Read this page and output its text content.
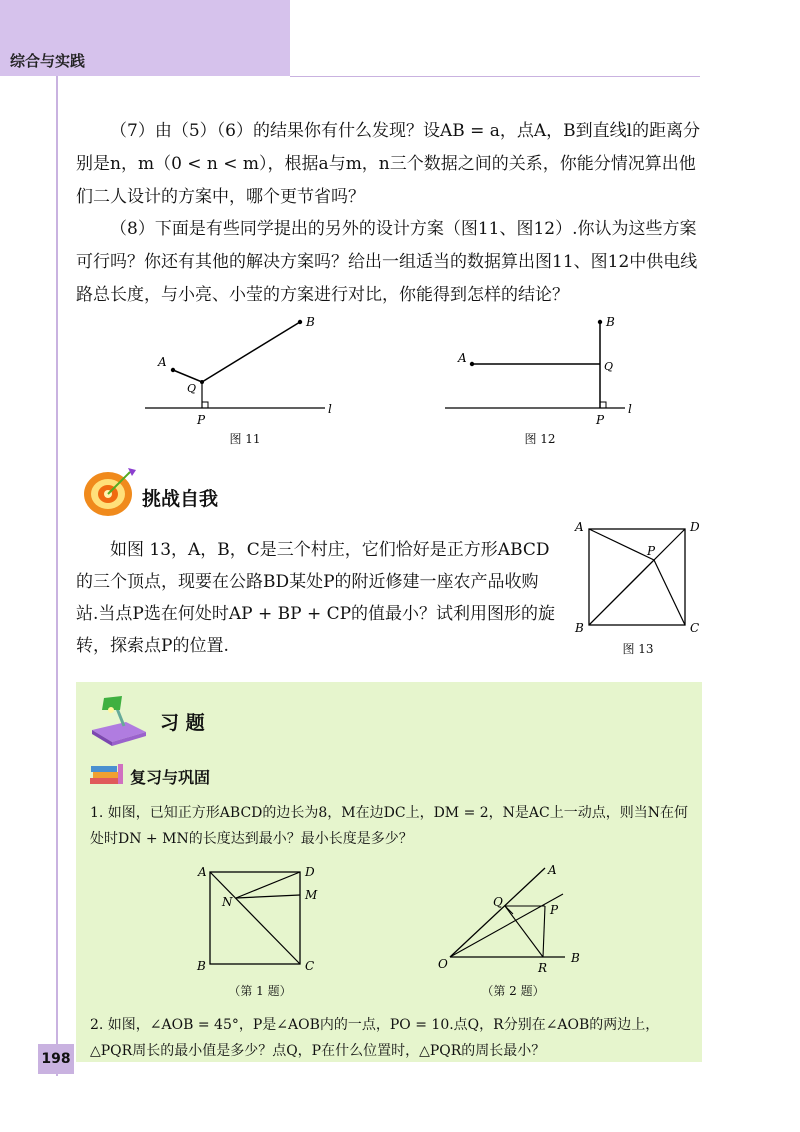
综合与实践

（7）由（5）（6）的结果你有什么发现？设AB = a，点A，B到直线l的距离分别是n，m（0 < n < m），根据a与m，n三个数据之间的关系，你能分情况算出他们二人设计的方案中，哪个更节省吗？

（8）下面是有些同学提出的另外的设计方案（图11、图12）.你认为这些方案可行吗？你还有其他的解决方案吗？给出一组适当的数据算出图11、图12中供电线路总长度，与小亮、小莹的方案进行对比，你能得到怎样的结论？

A
B
Q
P
l
图 11
A
B
Q
P
l
图 12
挑战自我

如图 13，A，B，C是三个村庄，它们恰好是正方形ABCD的三个顶点，现要在公路BD某处P的附近修建一座农产品收购站.当点P选在何处时AP + BP + CP的值最小？试利用图形的旋转，探索点P的位置.

A	D
B	C
P
图 13
习 题
复习与巩固

1. 如图，已知正方形ABCD的边长为8，M在边DC上，DM = 2，N是AC上一动点，则当N在何处时DN + MN的长度达到最小？最小长度是多少？

A	D
M
N
B	C
（第 1 题）
O
A
B
P
Q
R
（第 2 题）

2. 如图，∠AOB = 45°，P是∠AOB内的一点，PO = 10.点Q，R分别在∠AOB的两边上，△PQR周长的最小值是多少？点Q，P在什么位置时，△PQR的周长最小？

198
